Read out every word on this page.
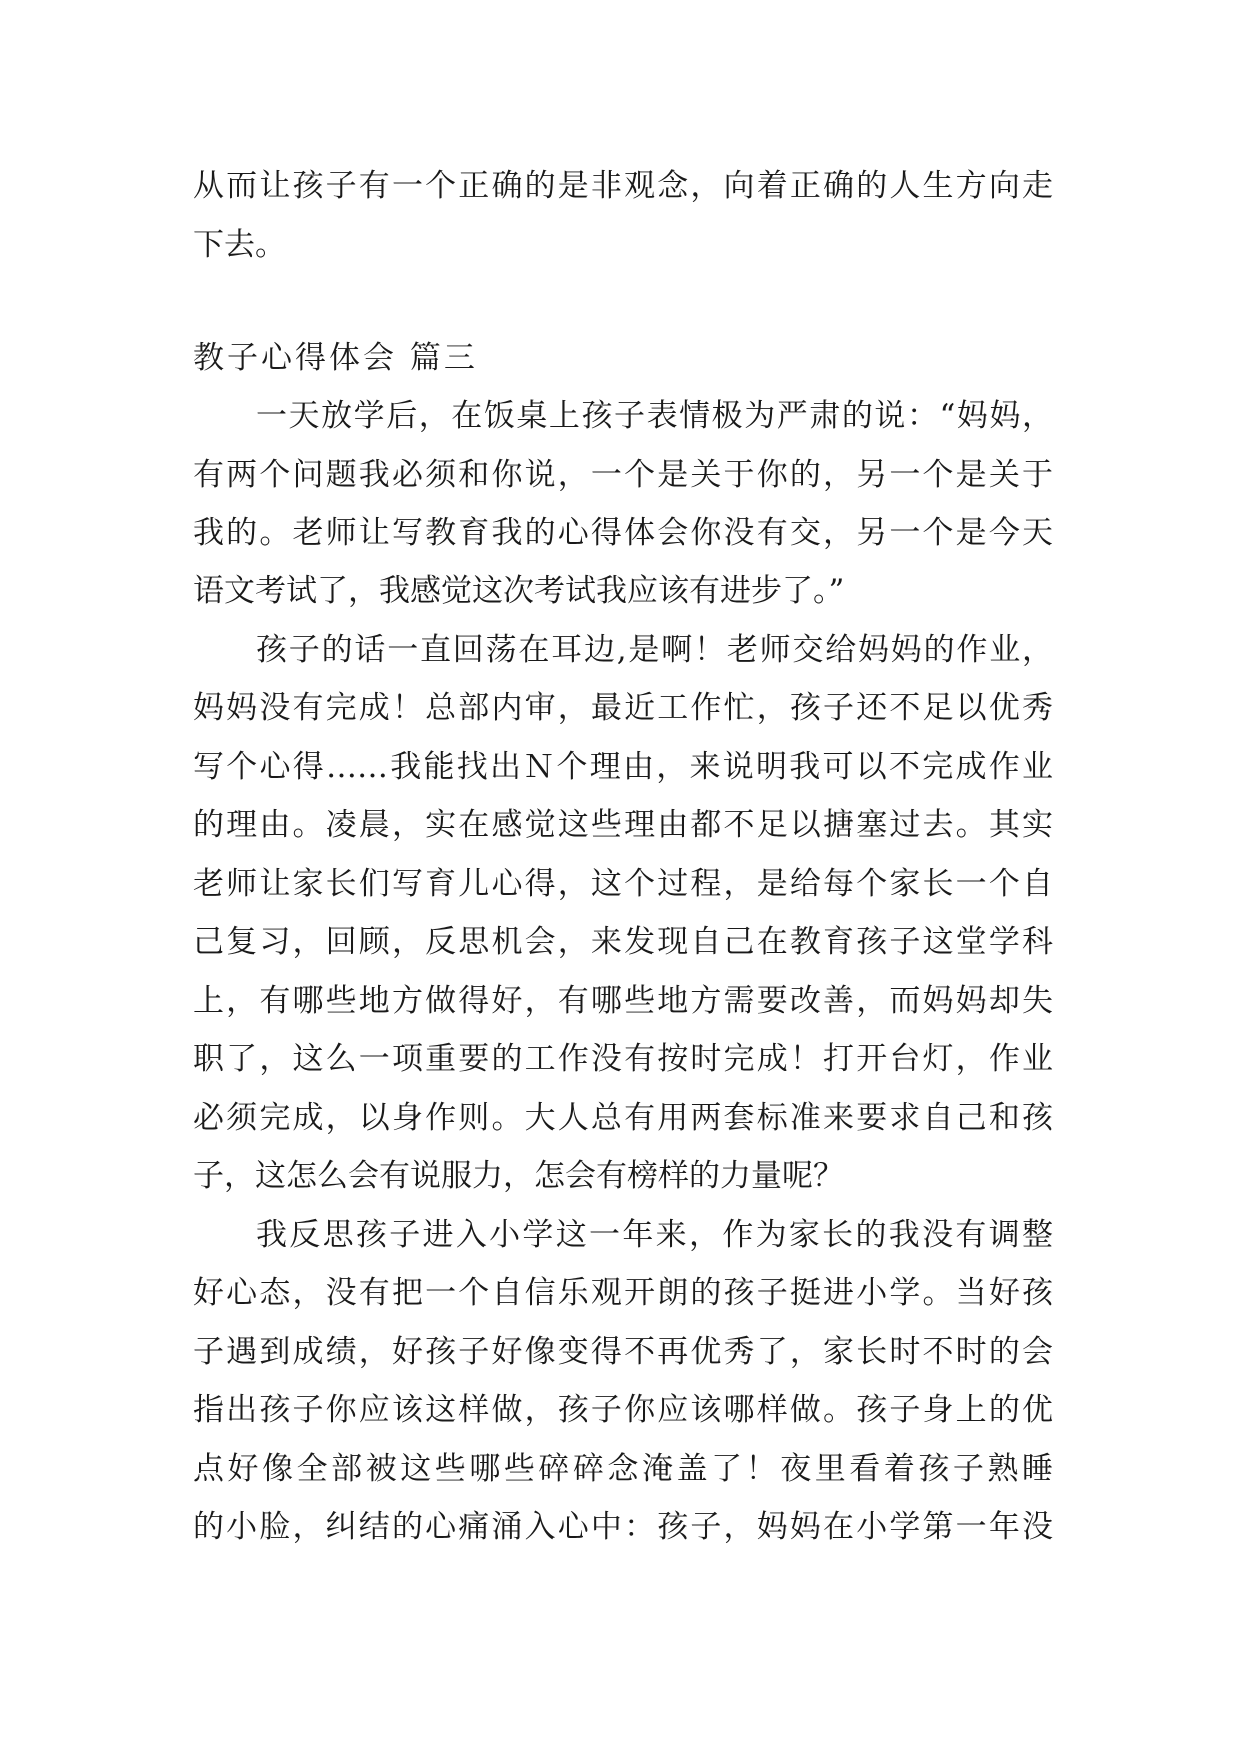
从而让孩子有一个正确的是非观念，向着正确的人生方向走
下去。
教子心得体会 篇三
一天放学后，在饭桌上孩子表情极为严肃的说：“妈妈，
有两个问题我必须和你说，一个是关于你的，另一个是关于
我的。老师让写教育我的心得体会你没有交，另一个是今天
语文考试了，我感觉这次考试我应该有进步了。”
孩子的话一直回荡在耳边,是啊！老师交给妈妈的作业，
妈妈没有完成！总部内审，最近工作忙，孩子还不足以优秀
写个心得……我能找出Ｎ个理由，来说明我可以不完成作业
的理由。凌晨，实在感觉这些理由都不足以搪塞过去。其实
老师让家长们写育儿心得，这个过程，是给每个家长一个自
己复习，回顾，反思机会，来发现自己在教育孩子这堂学科
上，有哪些地方做得好，有哪些地方需要改善，而妈妈却失
职了，这么一项重要的工作没有按时完成！打开台灯，作业
必须完成，以身作则。大人总有用两套标准来要求自己和孩
子，这怎么会有说服力，怎会有榜样的力量呢？
我反思孩子进入小学这一年来，作为家长的我没有调整
好心态，没有把一个自信乐观开朗的孩子挺进小学。当好孩
子遇到成绩，好孩子好像变得不再优秀了，家长时不时的会
指出孩子你应该这样做，孩子你应该哪样做。孩子身上的优
点好像全部被这些哪些碎碎念淹盖了！夜里看着孩子熟睡
的小脸，纠结的心痛涌入心中：孩子，妈妈在小学第一年没
